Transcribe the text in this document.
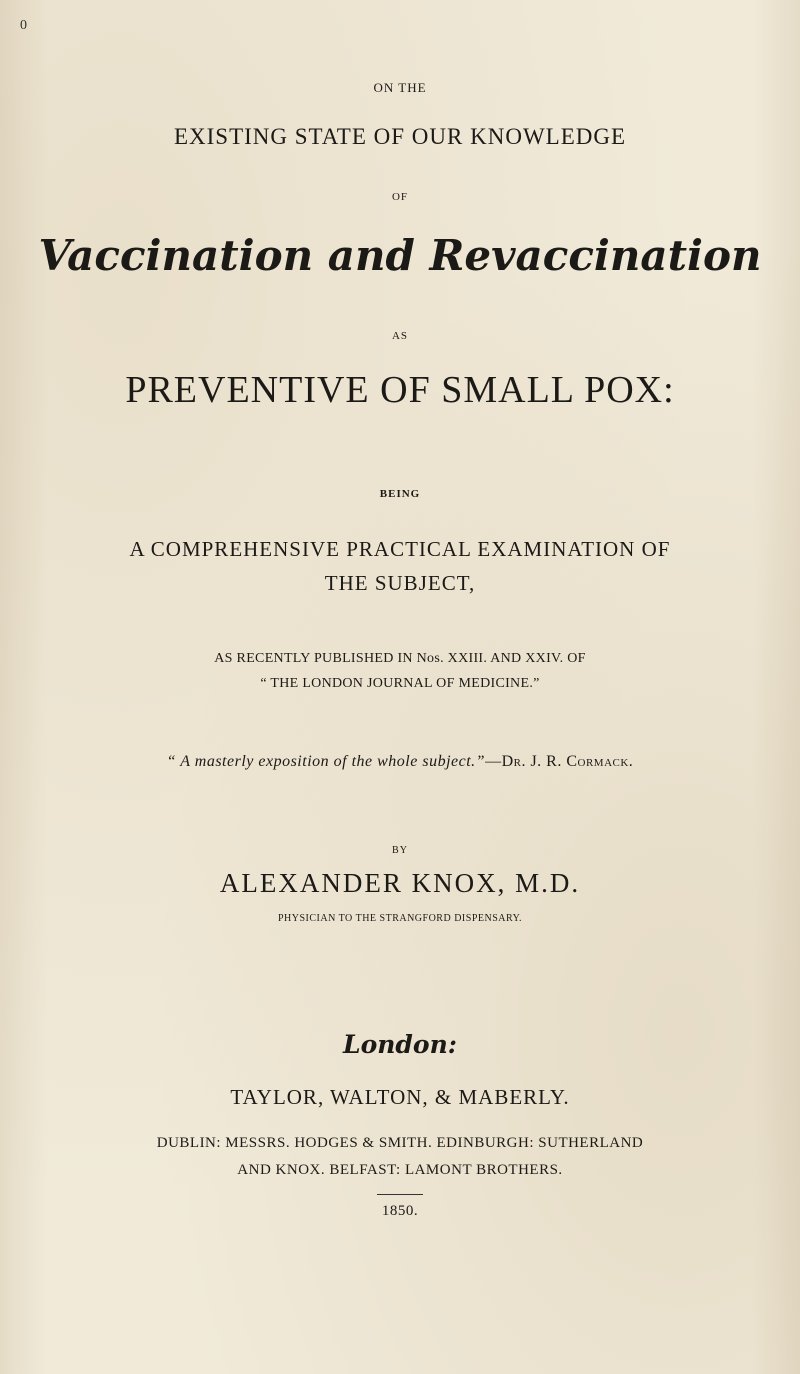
0
ON THE
EXISTING STATE OF OUR KNOWLEDGE
OF
Vaccination and Revaccination
AS
PREVENTIVE OF SMALL POX:
BEING
A COMPREHENSIVE PRACTICAL EXAMINATION OF
THE SUBJECT,
AS RECENTLY PUBLISHED IN Nos. XXIII. AND XXIV. OF
“ THE LONDON JOURNAL OF MEDICINE.”
“ A masterly exposition of the whole subject.”—Dr. J. R. Cormack.
BY
ALEXANDER KNOX, M.D.
PHYSICIAN TO THE STRANGFORD DISPENSARY.
London:
TAYLOR, WALTON, & MABERLY.
DUBLIN: MESSRS. HODGES & SMITH. EDINBURGH: SUTHERLAND
AND KNOX. BELFAST: LAMONT BROTHERS.
1850.
